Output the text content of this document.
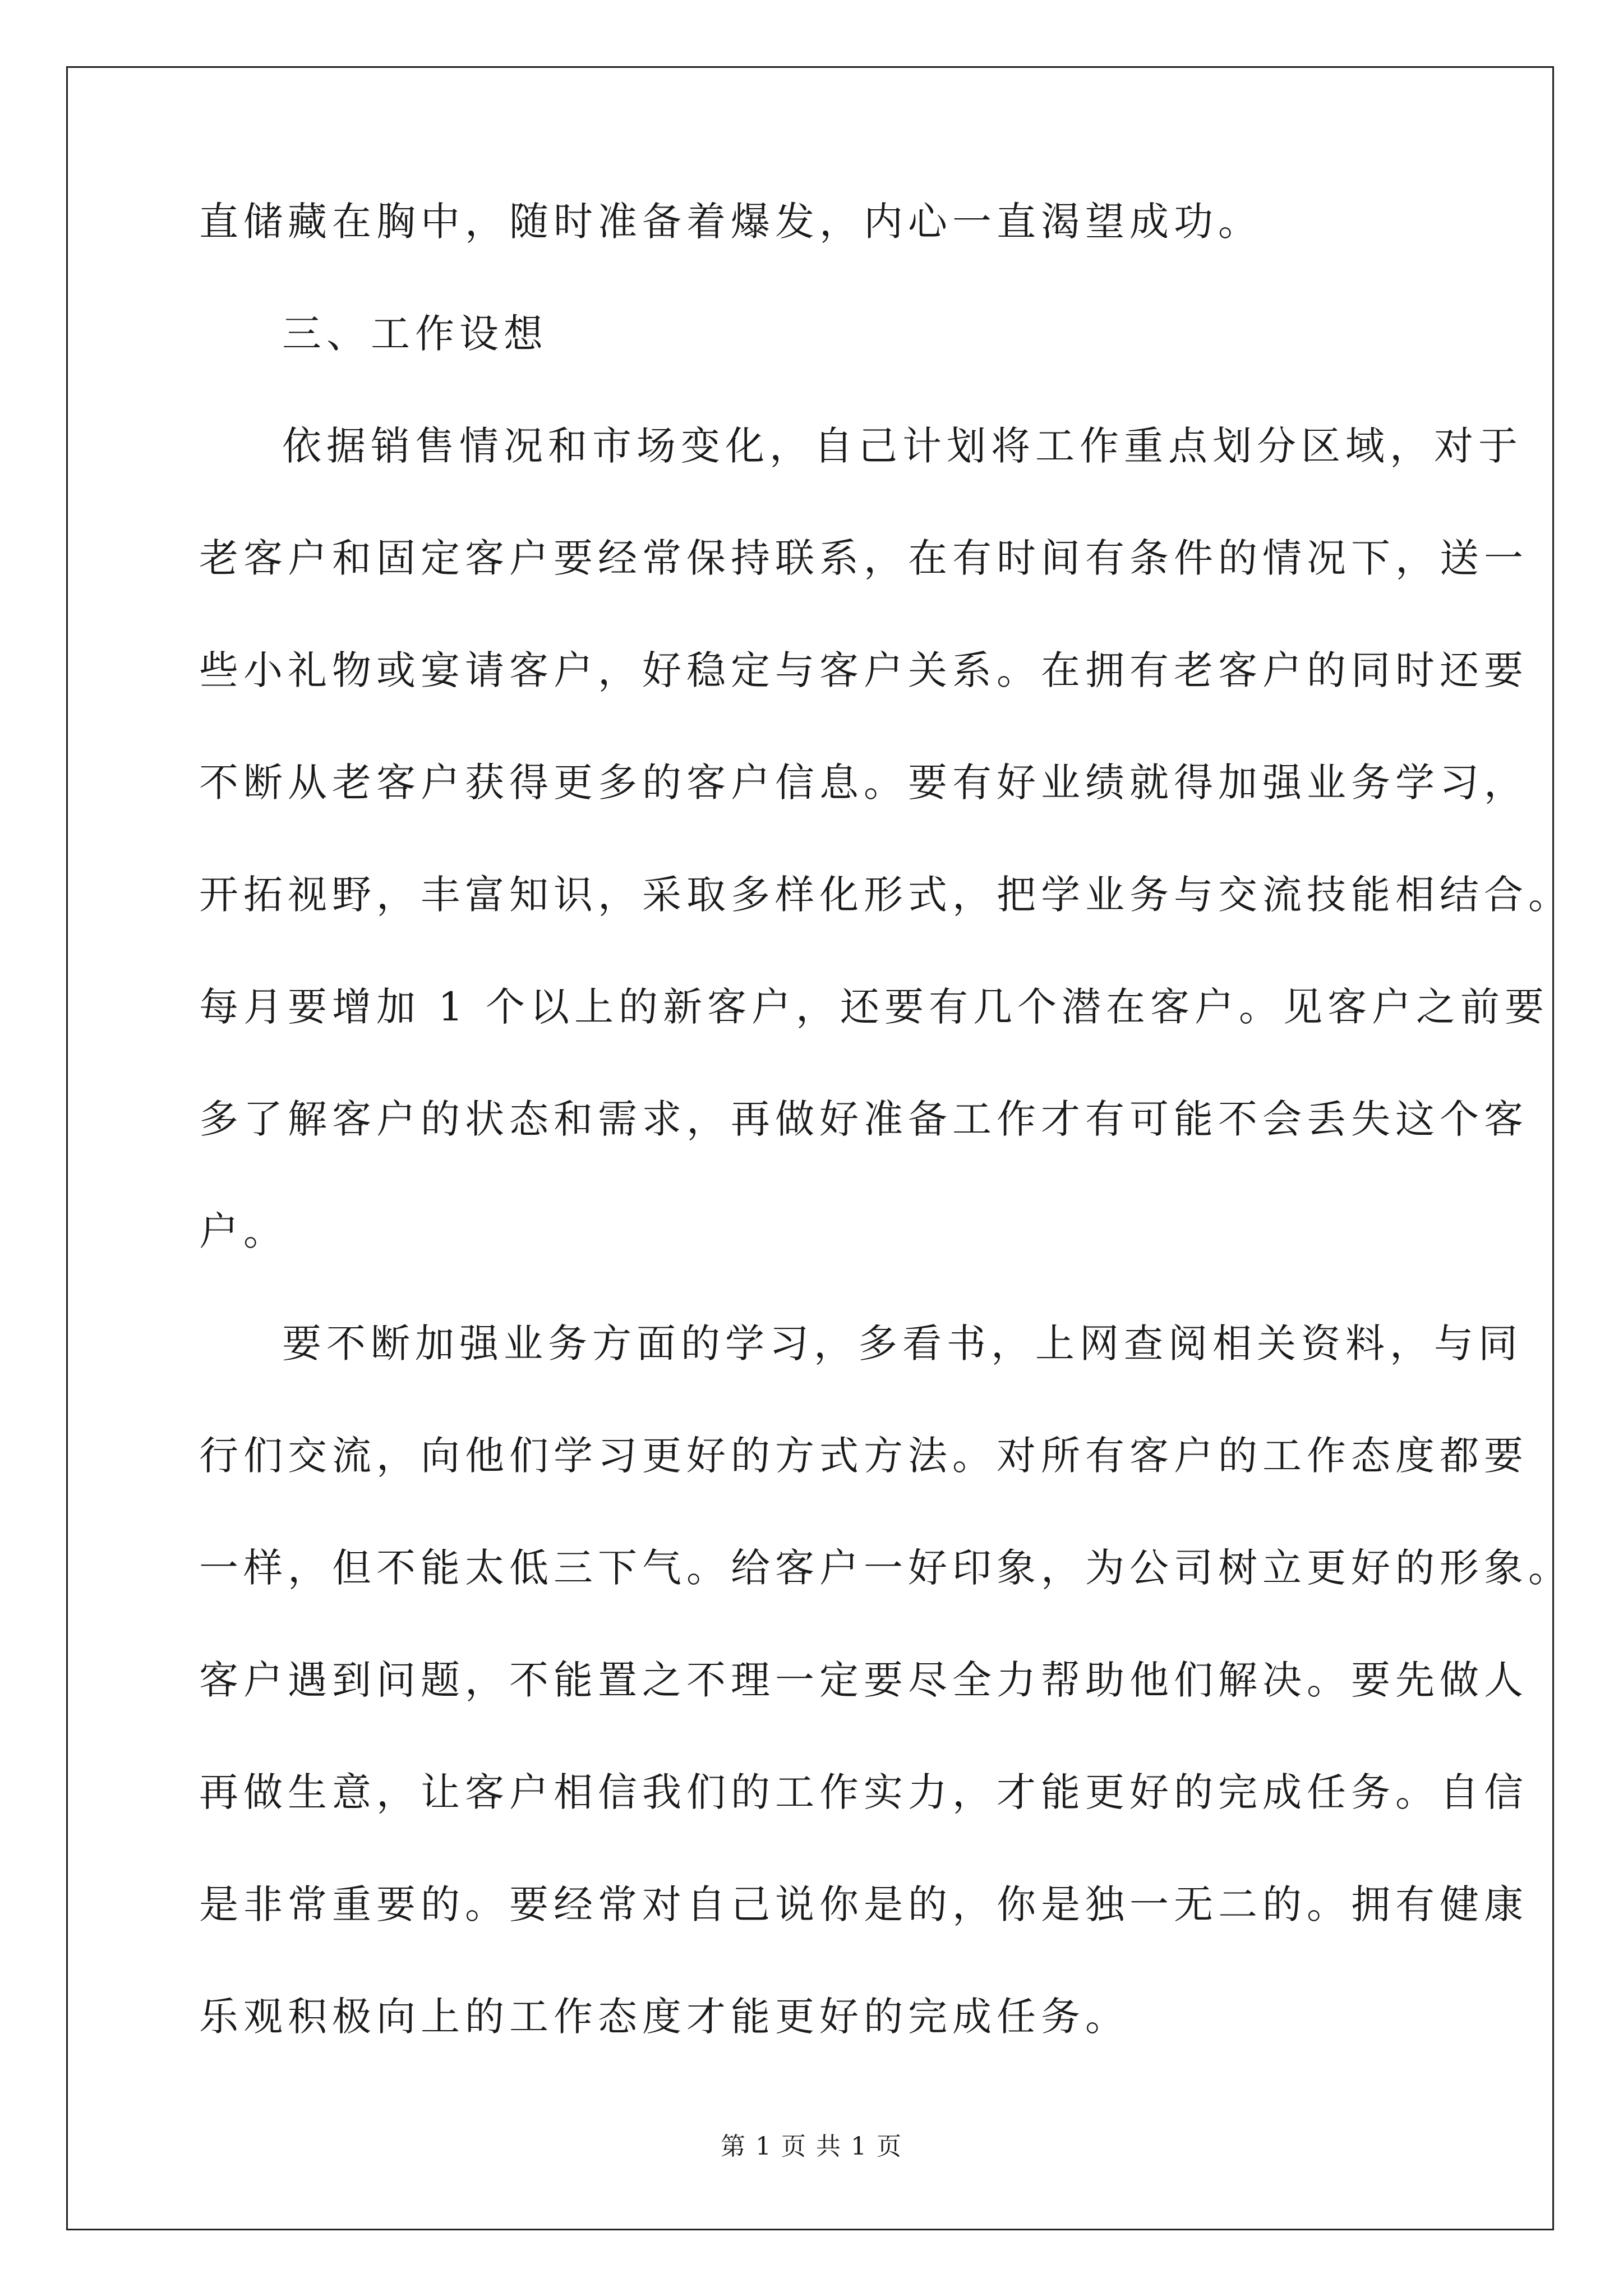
直储藏在胸中，随时准备着爆发，内心一直渴望成功。
三、工作设想
依据销售情况和市场变化，自己计划将工作重点划分区域，对于
老客户和固定客户要经常保持联系，在有时间有条件的情况下，送一
些小礼物或宴请客户，好稳定与客户关系。在拥有老客户的同时还要
不断从老客户获得更多的客户信息。要有好业绩就得加强业务学习，
开拓视野，丰富知识，采取多样化形式，把学业务与交流技能相结合。
每月要增加 1 个以上的新客户，还要有几个潜在客户。见客户之前要
多了解客户的状态和需求，再做好准备工作才有可能不会丢失这个客
户。
要不断加强业务方面的学习，多看书，上网查阅相关资料，与同
行们交流，向他们学习更好的方式方法。对所有客户的工作态度都要
一样，但不能太低三下气。给客户一好印象，为公司树立更好的形象。
客户遇到问题，不能置之不理一定要尽全力帮助他们解决。要先做人
再做生意，让客户相信我们的工作实力，才能更好的完成任务。自信
是非常重要的。要经常对自己说你是的，你是独一无二的。拥有健康
乐观积极向上的工作态度才能更好的完成任务。
第 1 页 共 1 页
